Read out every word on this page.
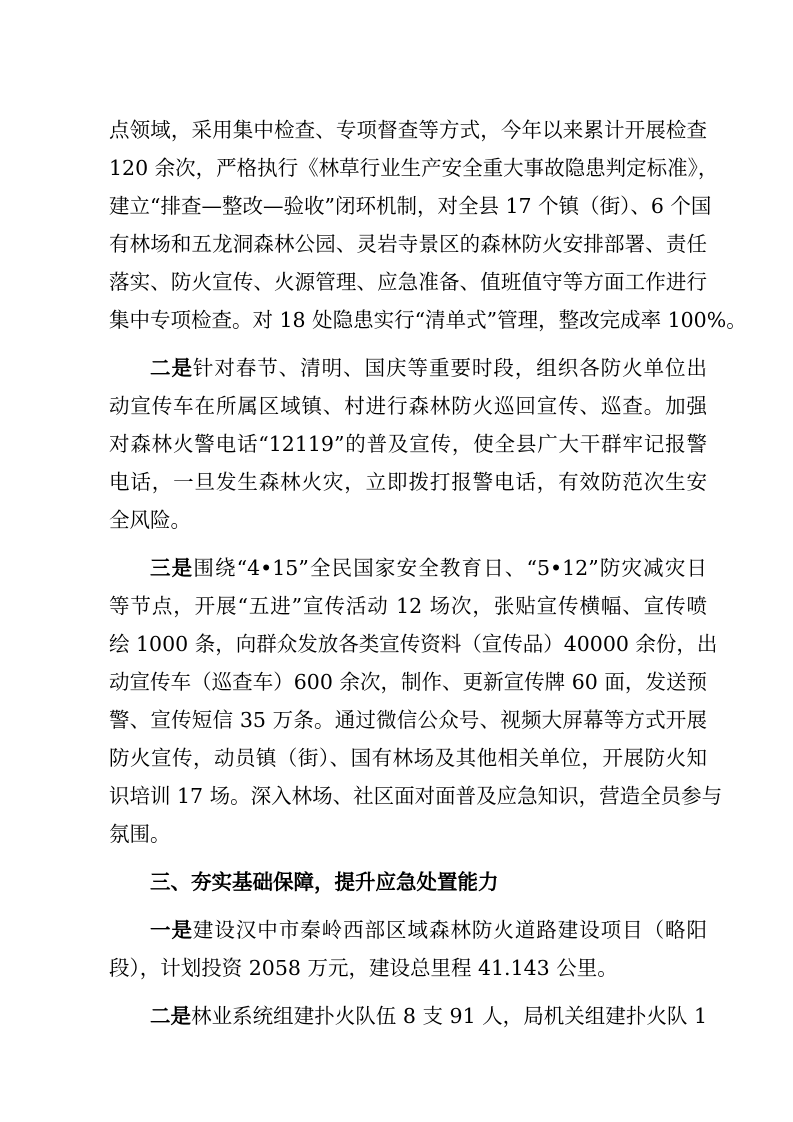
点领域，采用集中检查、专项督查等方式，今年以来累计开展检查

120 余次，严格执行《林草行业生产安全重大事故隐患判定标准》，

建立“排查—整改—验收”闭环机制，对全县 17 个镇（街）、6 个国

有林场和五龙洞森林公园、灵岩寺景区的森林防火安排部署、责任

落实、防火宣传、火源管理、应急准备、值班值守等方面工作进行

集中专项检查。对 18 处隐患实行“清单式”管理，整改完成率 100%。

二是针对春节、清明、国庆等重要时段，组织各防火单位出

动宣传车在所属区域镇、村进行森林防火巡回宣传、巡查。加强

对森林火警电话“12119”的普及宣传，使全县广大干群牢记报警

电话，一旦发生森林火灾，立即拨打报警电话，有效防范次生安

全风险。

三是围绕“4•15”全民国家安全教育日、“5•12”防灾减灾日

等节点，开展“五进”宣传活动 12 场次，张贴宣传横幅、宣传喷

绘 1000 条，向群众发放各类宣传资料（宣传品）40000 余份，出

动宣传车（巡查车）600 余次，制作、更新宣传牌 60 面，发送预

警、宣传短信 35 万条。通过微信公众号、视频大屏幕等方式开展

防火宣传，动员镇（街）、国有林场及其他相关单位，开展防火知

识培训 17 场。深入林场、社区面对面普及应急知识，营造全员参与

氛围。

三、夯实基础保障，提升应急处置能力

一是建设汉中市秦岭西部区域森林防火道路建设项目（略阳

段），计划投资 2058 万元，建设总里程 41.143 公里。

二是林业系统组建扑火队伍 8 支 91 人，局机关组建扑火队 1
